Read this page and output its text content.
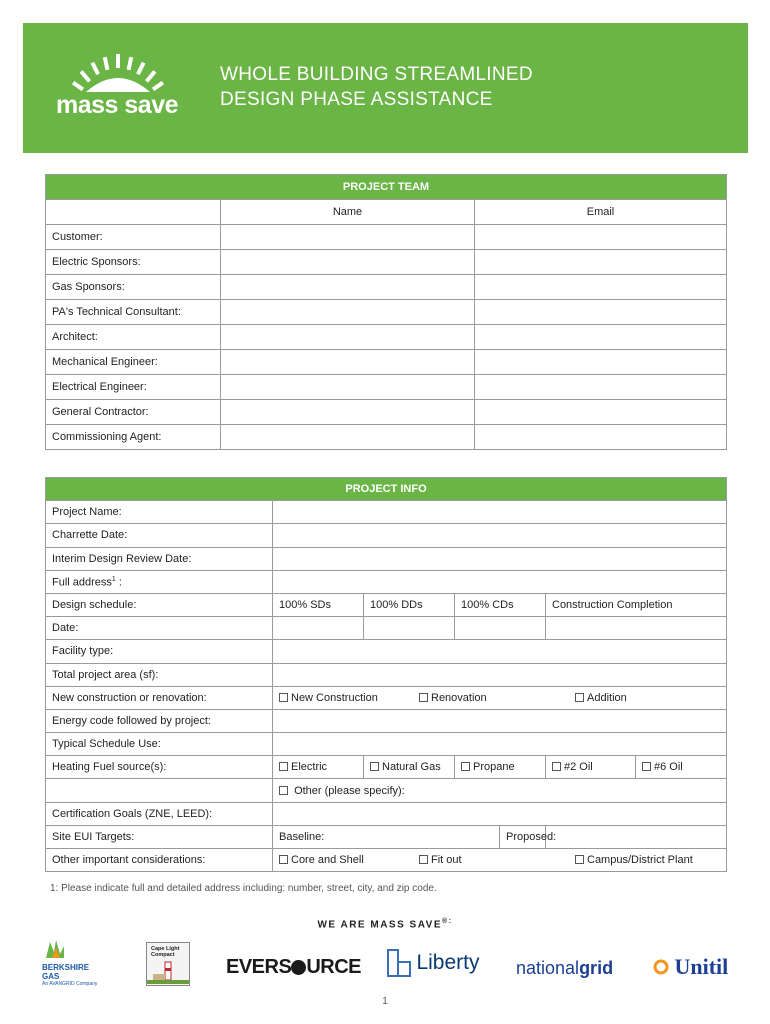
mass save
WHOLE BUILDING STREAMLINED
DESIGN PHASE ASSISTANCE
PROJECT TEAM		
	Name	Email
Customer:		
Electric Sponsors:		
Gas Sponsors:		
PA's Technical Consultant:		
Architect:		
Mechanical Engineer:		
Electrical Engineer:		
General Contractor:		
Commissioning Agent:		
PROJECT INFO					
Project Name:					
Charrette Date:					
Interim Design Review Date:					
Full address$^1$ :					
Design schedule:	100% SDs	100% DDs	100% CDs	Construction Completion	
Date:					
Facility type:					
Total project area (sf):					
New construction or renovation:	New Construction Renovation Addition				

Energy code followed by project:					
Typical Schedule Use:					
Heating Fuel source(s):	Electric	Natural Gas	Propane	#2 Oil	#6 Oil
	Other (please specify):				
Certification Goals (ZNE, LEED):					
Site EUI Targets:	Baseline:			Proposed:	

Other important considerations:	Core and Shell Fit out Campus/District Plant				
1: Please indicate full and detailed address including: number, street, city, and zip code.
WE ARE MASS SAVE®:
BERKSHIRE
GAS
An AVANGRID Company
Cape Light
Compact
EVERS URCE	Liberty nationalgrid	Unitil
1
